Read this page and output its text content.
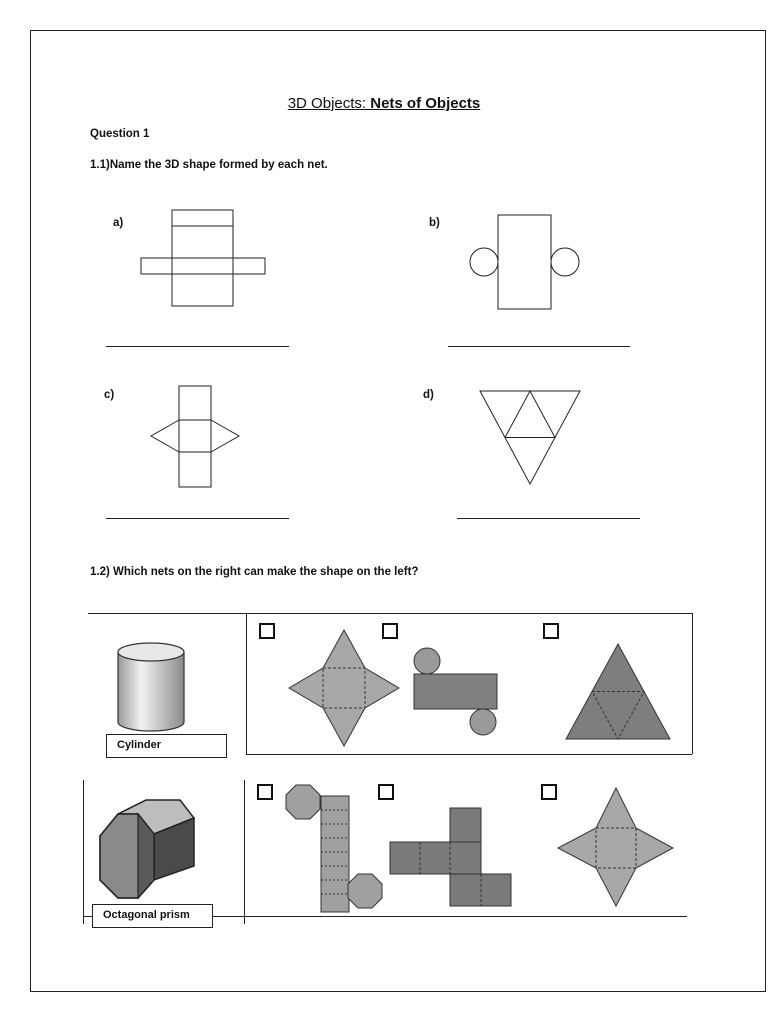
3D Objects: Nets of Objects
Question 1
1.1)Name the 3D shape formed by each net.
a)	b)
c)	d)
1.2) Which nets on the right can make the shape on the left?
Cylinder
Octagonal prism
